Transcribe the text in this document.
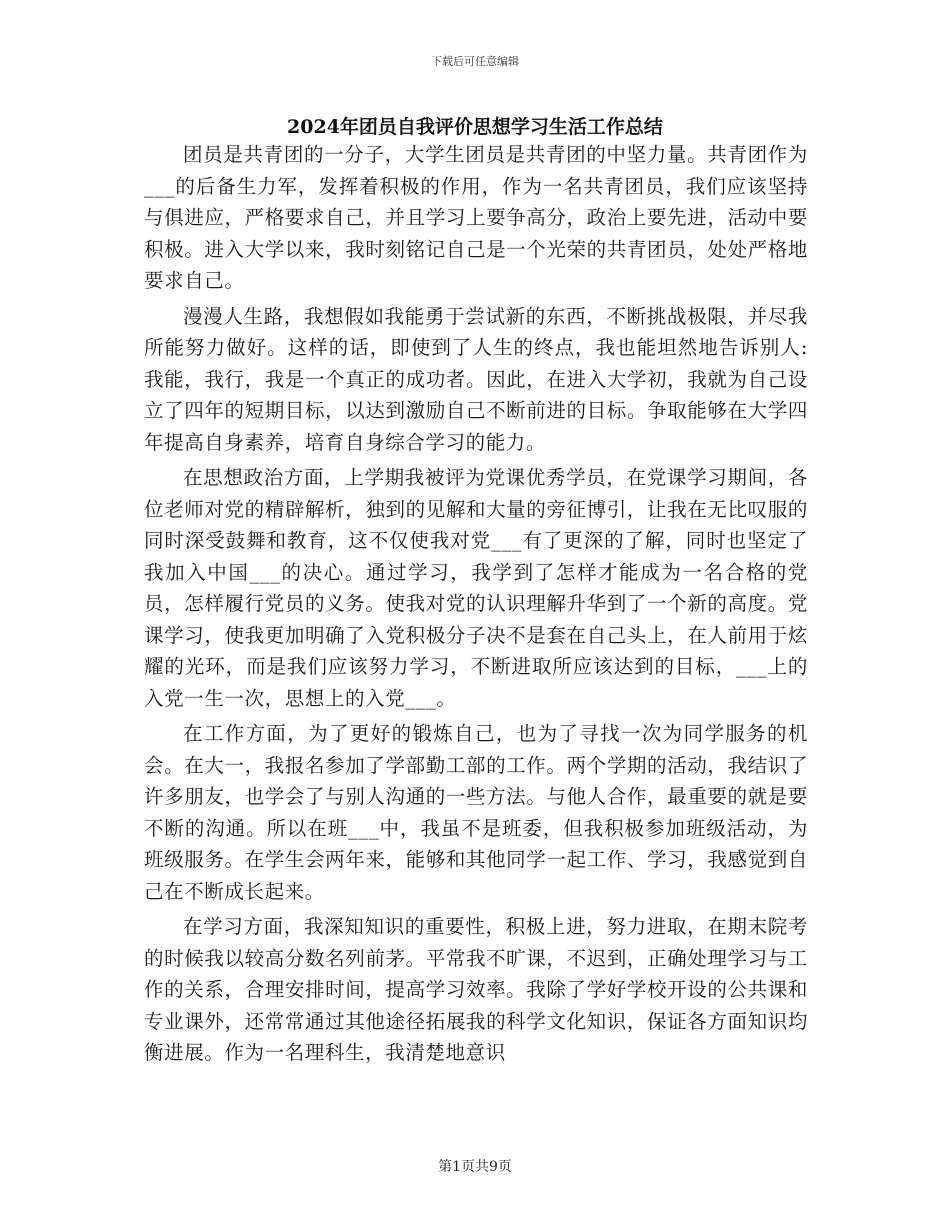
下载后可任意编辑
2024年团员自我评价思想学习生活工作总结

团员是共青团的一分子，大学生团员是共青团的中坚力量。共青团作为___的后备生力军，发挥着积极的作用，作为一名共青团员，我们应该坚持与俱进应，严格要求自己，并且学习上要争高分，政治上要先进，活动中要积极。进入大学以来，我时刻铭记自己是一个光荣的共青团员，处处严格地要求自己。

漫漫人生路，我想假如我能勇于尝试新的东西，不断挑战极限，并尽我所能努力做好。这样的话，即使到了人生的终点，我也能坦然地告诉别人:我能，我行，我是一个真正的成功者。因此，在进入大学初，我就为自己设立了四年的短期目标，以达到激励自己不断前进的目标。争取能够在大学四年提高自身素养，培育自身综合学习的能力。

在思想政治方面，上学期我被评为党课优秀学员，在党课学习期间，各位老师对党的精辟解析，独到的见解和大量的旁征博引，让我在无比叹服的同时深受鼓舞和教育，这不仅使我对党___有了更深的了解，同时也坚定了我加入中国___的决心。通过学习，我学到了怎样才能成为一名合格的党员，怎样履行党员的义务。使我对党的认识理解升华到了一个新的高度。党课学习，使我更加明确了入党积极分子决不是套在自己头上，在人前用于炫耀的光环，而是我们应该努力学习，不断进取所应该达到的目标，___上的入党一生一次，思想上的入党___。

在工作方面，为了更好的锻炼自己，也为了寻找一次为同学服务的机会。在大一，我报名参加了学部勤工部的工作。两个学期的活动，我结识了许多朋友，也学会了与别人沟通的一些方法。与他人合作，最重要的就是要不断的沟通。所以在班___中，我虽不是班委，但我积极参加班级活动，为班级服务。在学生会两年来，能够和其他同学一起工作、学习，我感觉到自己在不断成长起来。

在学习方面，我深知知识的重要性，积极上进，努力进取，在期末院考的时候我以较高分数名列前茅。平常我不旷课，不迟到，正确处理学习与工作的关系，合理安排时间，提高学习效率。我除了学好学校开设的公共课和专业课外，还常常通过其他途径拓展我的科学文化知识，保证各方面知识均衡进展。作为一名理科生，我清楚地意识

第1页共9页
